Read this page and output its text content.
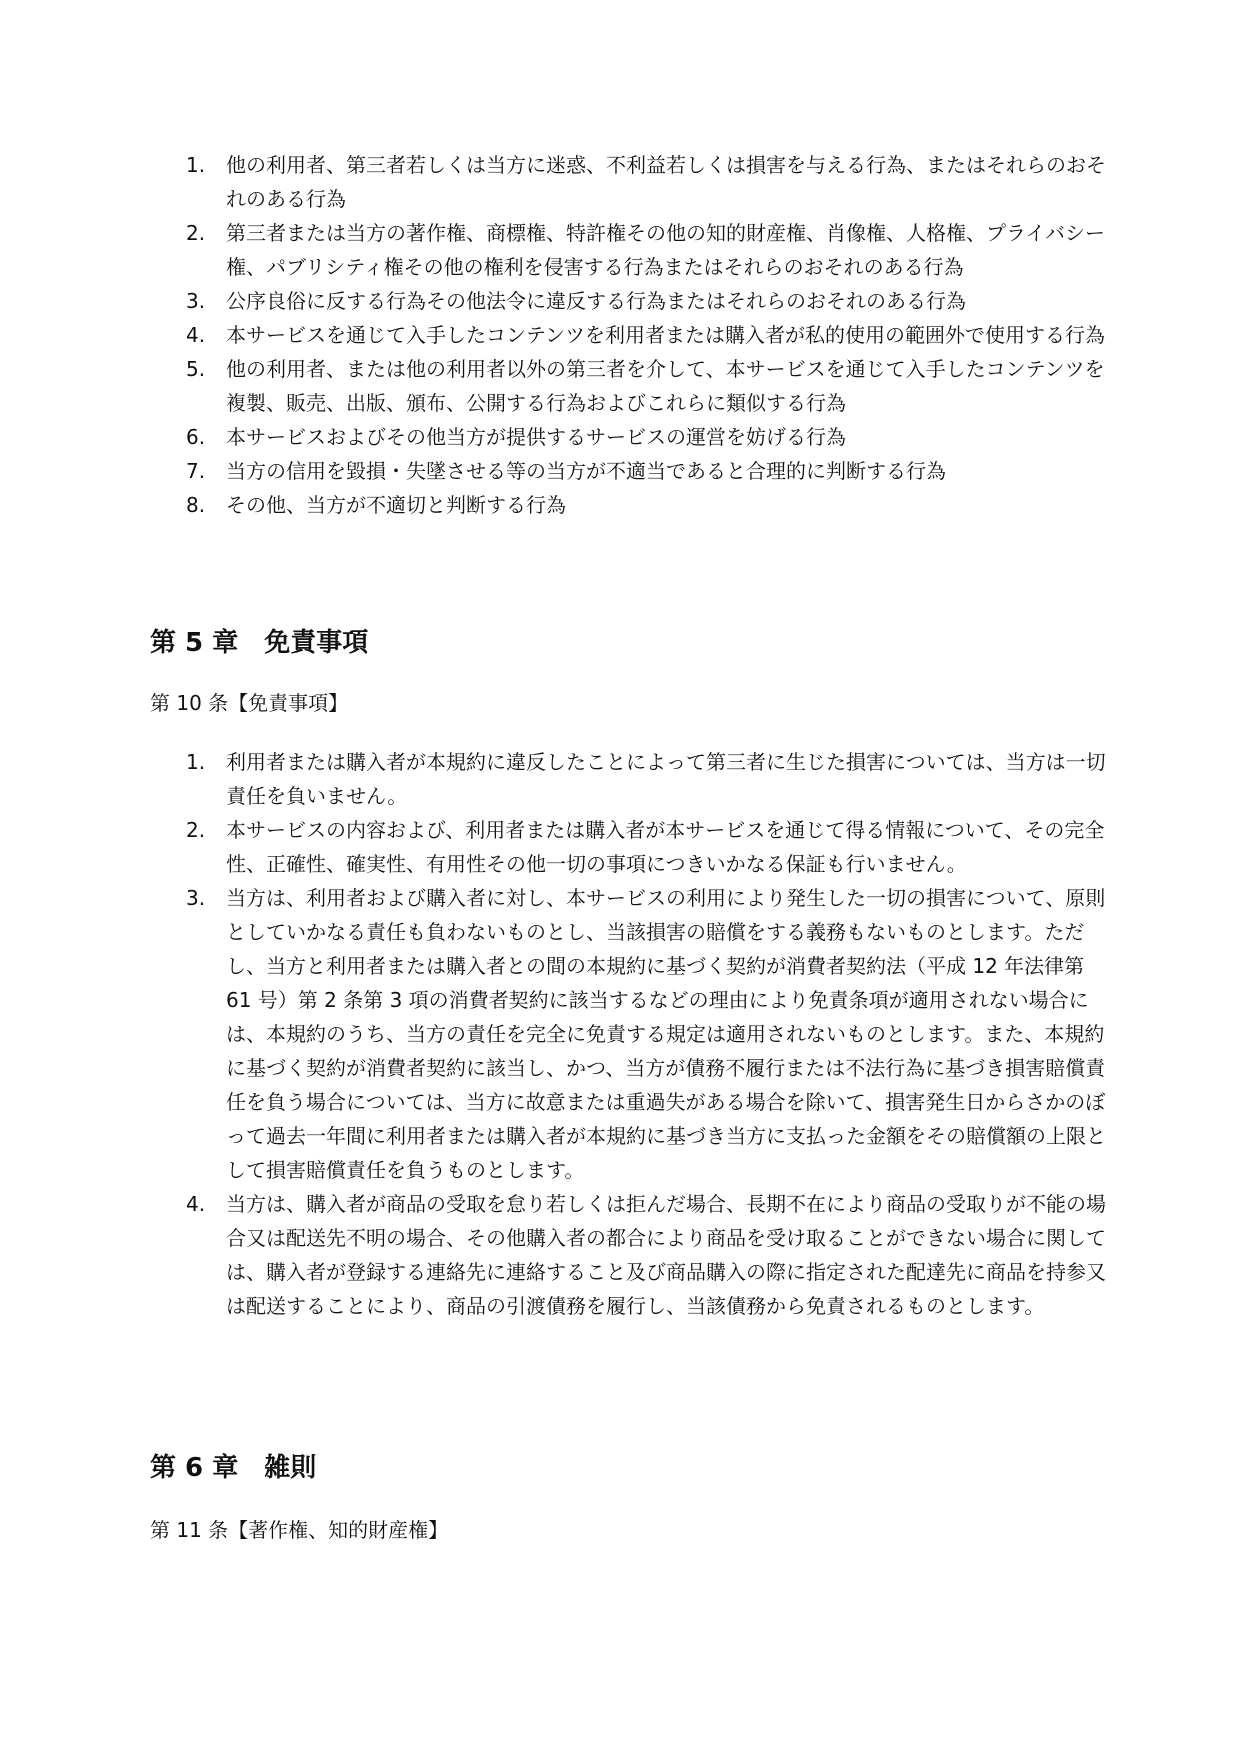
1.	他の利用者、第三者若しくは当方に迷惑、不利益若しくは損害を与える行為、またはそれらのおそれのある行為
2.	第三者または当方の著作権、商標権、特許権その他の知的財産権、肖像権、人格権、プライバシー権、パブリシティ権その他の権利を侵害する行為またはそれらのおそれのある行為
3.	公序良俗に反する行為その他法令に違反する行為またはそれらのおそれのある行為
4.	本サービスを通じて入手したコンテンツを利用者または購入者が私的使用の範囲外で使用する行為
5.	他の利用者、または他の利用者以外の第三者を介して、本サービスを通じて入手したコンテンツを複製、販売、出版、頒布、公開する行為およびこれらに類似する行為
6.	本サービスおよびその他当方が提供するサービスの運営を妨げる行為
7.	当方の信用を毀損・失墜させる等の当方が不適当であると合理的に判断する行為
8.	その他、当方が不適切と判断する行為
第 5 章　免責事項

第 10 条【免責事項】

1.	利用者または購入者が本規約に違反したことによって第三者に生じた損害については、当方は一切責任を負いません。
2.	本サービスの内容および、利用者または購入者が本サービスを通じて得る情報について、その完全性、正確性、確実性、有用性その他一切の事項につきいかなる保証も行いません。
3.	当方は、利用者および購入者に対し、本サービスの利用により発生した一切の損害について、原則としていかなる責任も負わないものとし、当該損害の賠償をする義務もないものとします。ただし、当方と利用者または購入者との間の本規約に基づく契約が消費者契約法（平成 12 年法律第 61 号）第 2 条第 3 項の消費者契約に該当するなどの理由により免責条項が適用されない場合には、本規約のうち、当方の責任を完全に免責する規定は適用されないものとします。また、本規約に基づく契約が消費者契約に該当し、かつ、当方が債務不履行または不法行為に基づき損害賠償責任を負う場合については、当方に故意または重過失がある場合を除いて、損害発生日からさかのぼって過去一年間に利用者または購入者が本規約に基づき当方に支払った金額をその賠償額の上限として損害賠償責任を負うものとします。
4.	当方は、購入者が商品の受取を怠り若しくは拒んだ場合、長期不在により商品の受取りが不能の場合又は配送先不明の場合、その他購入者の都合により商品を受け取ることができない場合に関しては、購入者が登録する連絡先に連絡すること及び商品購入の際に指定された配達先に商品を持参又は配送することにより、商品の引渡債務を履行し、当該債務から免責されるものとします。
第 6 章　雑則

第 11 条【著作権、知的財産権】
